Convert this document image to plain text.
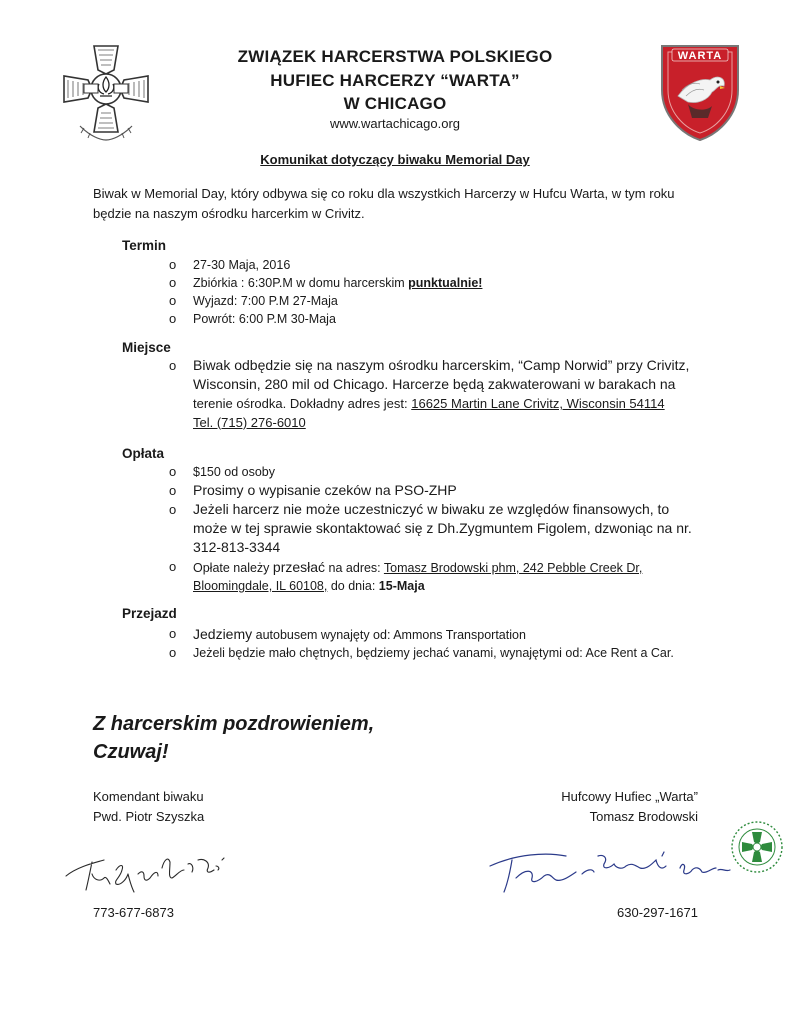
ZWIĄZEK HARCERSTWA POLSKIEGO
HUFIEC HARCERZY “WARTA”
W CHICAGO
www.wartachicago.org
WARTA
Komunikat dotyczący biwaku Memorial Day
Biwak w Memorial Day, który odbywa się co roku dla wszystkich Harcerzy w Hufcu Warta, w tym roku
będzie na naszym ośrodku harcerkim w Crivitz.
Termin
o 27-30 Maja, 2016
o Zbiórkia : 6:30P.M w domu harcerskim punktualnie!
o Wyjazd: 7:00 P.M 27-Maja
o Powrót: 6:00 P.M 30-Maja
Miejsce
o Biwak odbędzie się na naszym ośrodku harcerskim, “Camp Norwid” przy Crivitz,
Wisconsin, 280 mil od Chicago. Harcerze będą zakwaterowani w barakach na
terenie ośrodka. Dokładny adres jest: 16625 Martin Lane Crivitz, Wisconsin 54114
Tel. (715) 276-6010
Opłata
o $150 od osoby
o Prosimy o wypisanie czeków na PSO-ZHP
o Jeżeli harcerz nie może uczestniczyć w biwaku ze względów finansowych, to
może w tej sprawie skontaktować się z Dh.Zygmuntem Figolem, dzwoniąc na nr.
312-813-3344
o Opłate należy przesłać na adres: Tomasz Brodowski phm, 242 Pebble Creek Dr,
Bloomingdale, IL 60108, do dnia: 15-Maja
Przejazd
o Jedziemy autobusem wynajęty od: Ammons Transportation
o Jeżeli będzie mało chętnych, będziemy jechać vanami, wynajętymi od: Ace Rent a Car.
Z harcerskim pozdrowieniem,
Czuwaj!
Komendant biwaku
Pwd. Piotr Szyszka
773-677-6873
Hufcowy Hufiec „Warta”
Tomasz Brodowski
630-297-1671
